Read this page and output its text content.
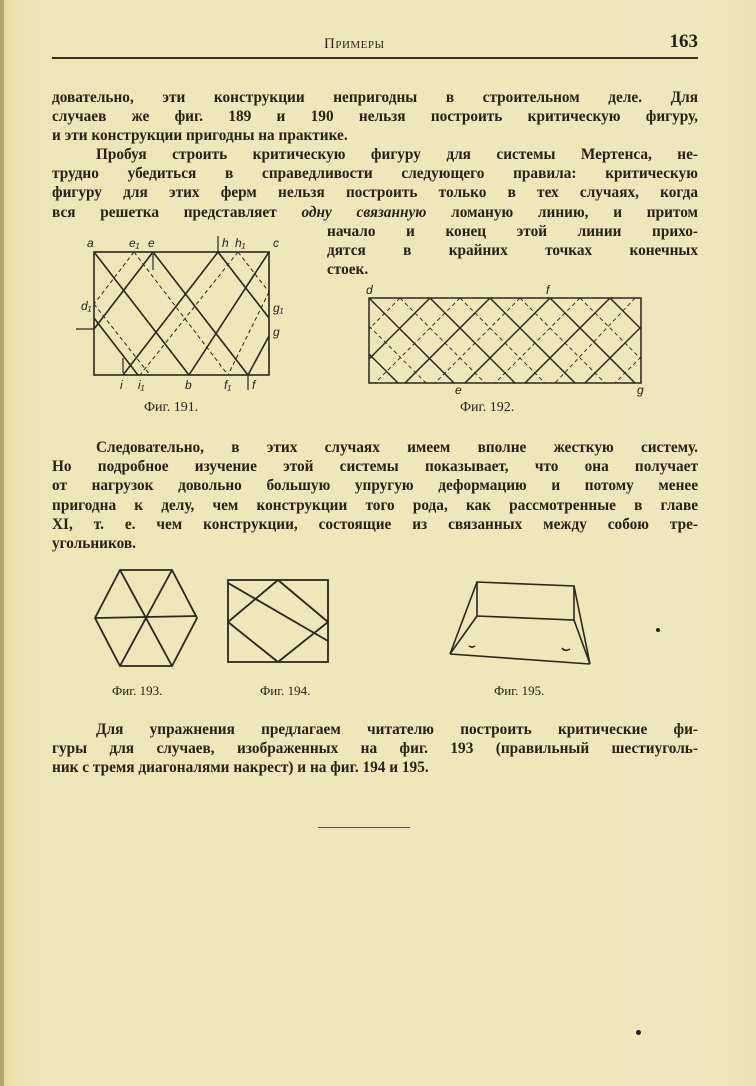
Примеры	163
довательно, эти конструкции непригодны в строительном деле. Для
случаев же фиг. 189 и 190 нельзя построить критическую фигуру,
и эти конструкции пригодны на практике.
Пробуя строить критическую фигуру для системы Мертенса, не-
трудно убедиться в справедливости следующего правила: критическую
фигуру для этих ферм нельзя построить только в тех случаях, когда
вся решетка представляет одну связанную ломаную линию, и притом
начало и конец этой линии прихо-
дятся в крайних точках конечных
стоек.
a	e₁ e	h h₁ c
d₁	g₁
g
i i₁	b	f₁ f
Фиг. 191.
d	f
e	g
Фиг. 192.
Следовательно, в этих случаях имеем вполне жесткую систему.
Но подробное изучение этой системы показывает, что она получает
от нагрузок довольно большую упругую деформацию и потому менее
пригодна к делу, чем конструкции того рода, как рассмотренные в главе
XI, т. е. чем конструкции, состоящие из связанных между собою тре-
угольников.
Фиг. 193.	Фиг. 194.	Фиг. 195.
Для упражнения предлагаем читателю построить критические фи-
гуры для случаев, изображенных на фиг. 193 (правильный шестиуголь-
ник с тремя диагоналями накрест) и на фиг. 194 и 195.
